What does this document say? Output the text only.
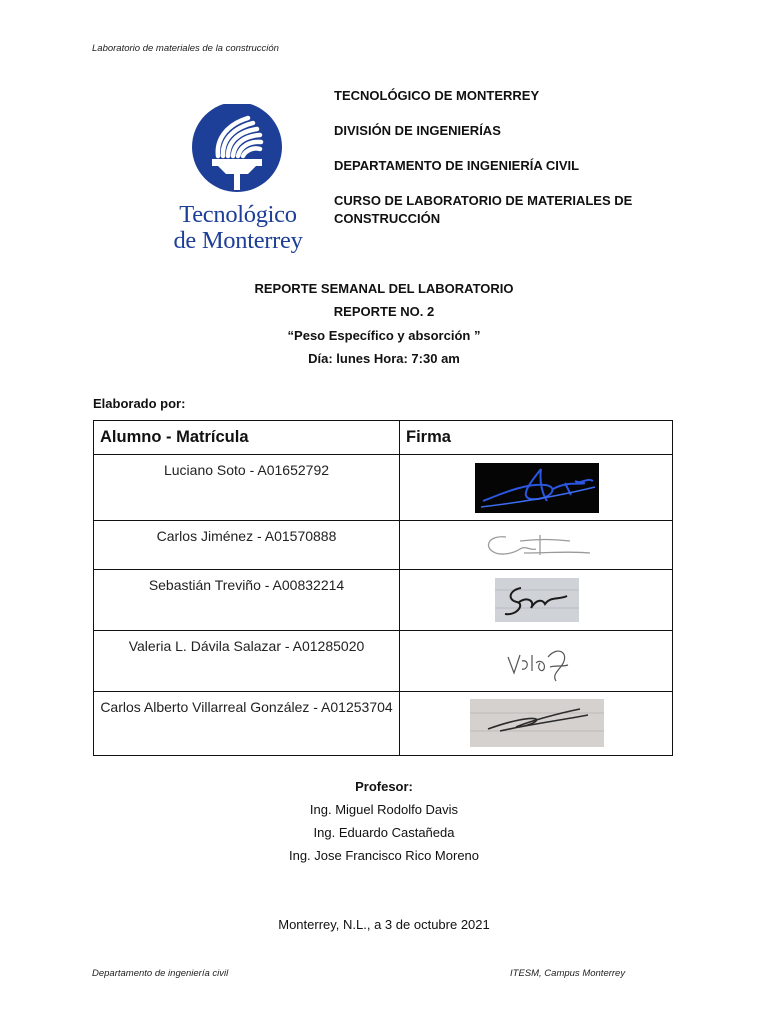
Laboratorio de materiales de la construcción
Tecnológico
de Monterrey
TECNOLÓGICO DE MONTERREY
DIVISIÓN DE INGENIERÍAS
DEPARTAMENTO DE INGENIERÍA CIVIL
CURSO DE LABORATORIO DE MATERIALES DE CONSTRUCCIÓN
REPORTE SEMANAL DEL LABORATORIO
REPORTE NO. 2
“Peso Específico y absorción ”
Día: lunes Hora: 7:30 am
Elaborado por:
Alumno - Matrícula	Firma
Luciano Soto - A01652792	

Carlos Jiménez - A01570888	

Sebastián Treviño - A00832214	

Valeria L. Dávila Salazar - A01285020	

Carlos Alberto Villarreal González - A01253704	
Profesor:
Ing. Miguel Rodolfo Davis
Ing. Eduardo Castañeda
Ing. Jose Francisco Rico Moreno
Monterrey, N.L., a 3 de octubre 2021
Departamento de ingeniería civil	ITESM, Campus Monterrey
